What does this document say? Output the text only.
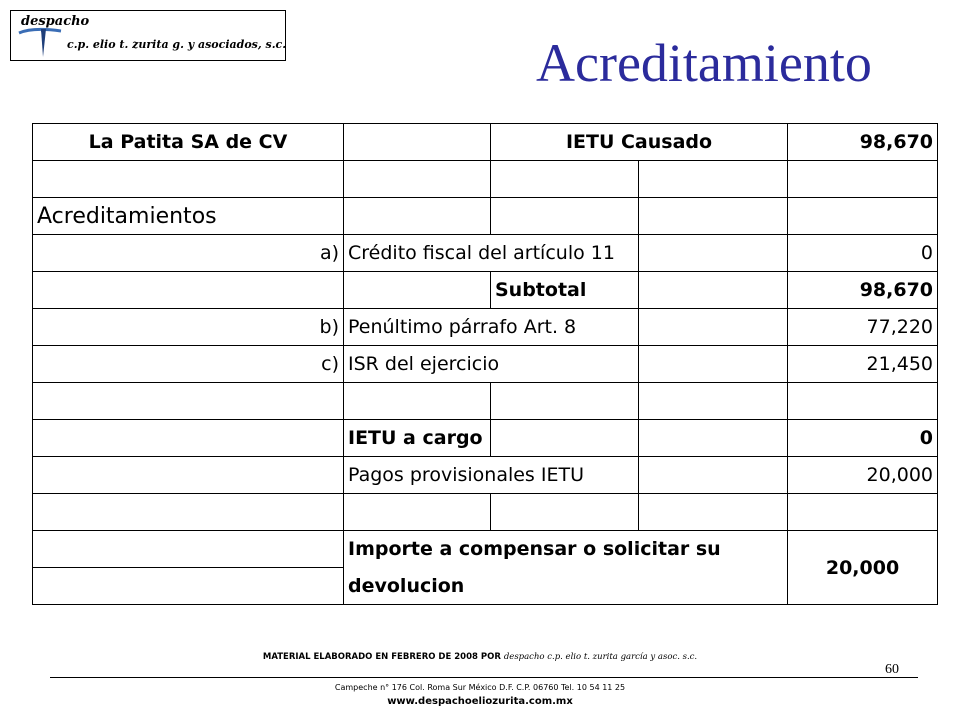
despacho
c.p. elio t. zurita g. y asociados, s.c.	Acreditamiento
La Patita SA de CV		IETU Causado		98,670

Acreditamientos				
a)	Crédito fiscal del artículo 11			0
		Subtotal		98,670
b)	Penúltimo párrafo Art. 8			77,220
c)	ISR del ejercicio			21,450

	IETU a cargo			0
	Pagos provisionales IETU			20,000

	Importe a compensar o solicitar su			20,000
	devolucion			
MATERIAL ELABORADO EN FEBRERO DE 2008 POR despacho c.p. elio t. zurita garcía y asoc. s.c.
60
Campeche n° 176 Col. Roma Sur México D.F. C.P. 06760 Tel. 10 54 11 25
www.despachoeliozurita.com.mx
